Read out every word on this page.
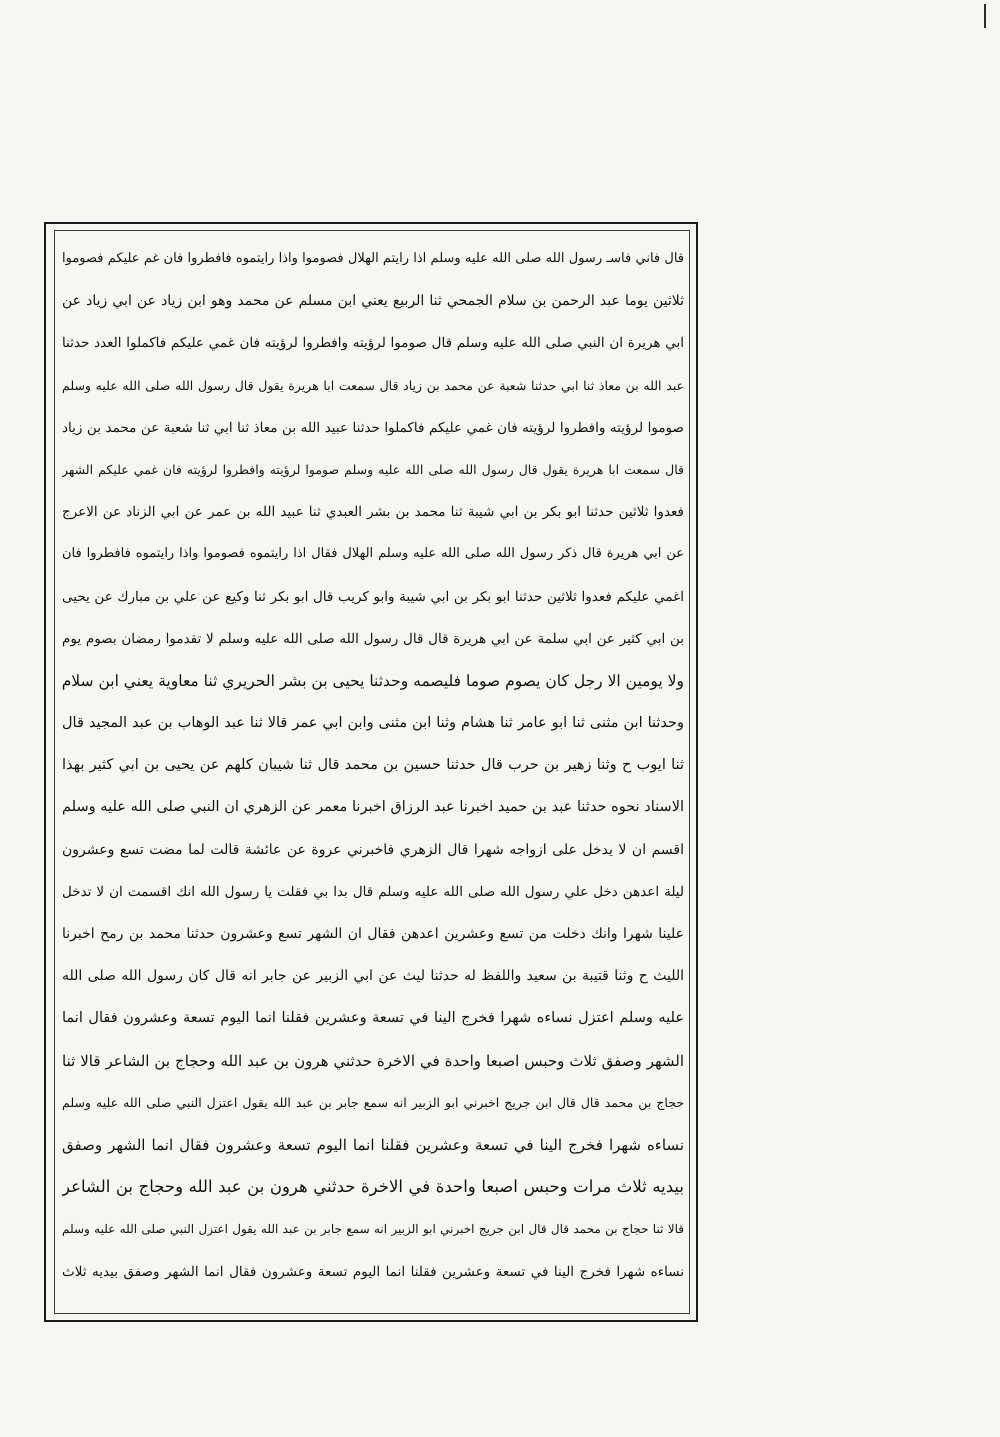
قال فاني فاسـ رسول الله صلى الله عليه وسلم اذا رايتم الهلال فصوموا واذا رايتموه فافطروا فان غم عليكم فصوموا
ثلاثين يوما عبد الرحمن بن سلام الجمحي ثنا الربيع يعني ابن مسلم عن محمد وهو ابن زياد عن ابي زياد عن
ابي هريرة ان النبي صلى الله عليه وسلم قال صوموا لرؤيته وافطروا لرؤيته فان غمي عليكم فاكملوا العدد حدثنا
عبد الله بن معاذ ثنا ابي حدثنا شعبة عن محمد بن زياد قال سمعت ابا هريرة يقول قال رسول الله صلى الله عليه وسلم
صوموا لرؤيته وافطروا لرؤيته فان غمي عليكم فاكملوا حدثنا عبيد الله بن معاذ ثنا ابي ثنا شعبة عن محمد بن زياد
قال سمعت ابا هريرة يقول قال رسول الله صلى الله عليه وسلم صوموا لرؤيته وافطروا لرؤيته فان غمي عليكم الشهر
فعدوا ثلاثين حدثنا ابو بكر بن ابي شيبة ثنا محمد بن بشر العبدي ثنا عبيد الله بن عمر عن ابي الزناد عن الاعرج
عن ابي هريرة قال ذكر رسول الله صلى الله عليه وسلم الهلال فقال اذا رايتموه فصوموا واذا رايتموه فافطروا فان
اغمي عليكم فعدوا ثلاثين حدثنا ابو بكر بن ابي شيبة وابو كريب قال ابو بكر ثنا وكيع عن علي بن مبارك عن يحيى
بن ابي كثير عن ابي سلمة عن ابي هريرة قال قال رسول الله صلى الله عليه وسلم لا تقدموا رمضان بصوم يوم
ولا يومين الا رجل كان يصوم صوما فليصمه وحدثنا يحيى بن بشر الحريري ثنا معاوية يعني ابن سلام
وحدثنا ابن مثنى ثنا ابو عامر ثنا هشام وثنا ابن مثنى وابن ابي عمر قالا ثنا عبد الوهاب بن عبد المجيد قال
ثنا ايوب ح وثنا زهير بن حرب قال حدثنا حسين بن محمد قال ثنا شيبان كلهم عن يحيى بن ابي كثير بهذا
الاسناد نحوه حدثنا عبد بن حميد اخبرنا عبد الرزاق اخبرنا معمر عن الزهري ان النبي صلى الله عليه وسلم
اقسم ان لا يدخل على ازواجه شهرا قال الزهري فاخبرني عروة عن عائشة قالت لما مضت تسع وعشرون
ليلة اعدهن دخل علي رسول الله صلى الله عليه وسلم قال بدا بي فقلت يا رسول الله انك اقسمت ان لا تدخل
علينا شهرا وانك دخلت من تسع وعشرين اعدهن فقال ان الشهر تسع وعشرون حدثنا محمد بن رمح اخبرنا
الليث ح وثنا قتيبة بن سعيد واللفظ له حدثنا ليث عن ابي الزبير عن جابر انه قال كان رسول الله صلى الله
عليه وسلم اعتزل نساءه شهرا فخرج الينا في تسعة وعشرين فقلنا انما اليوم تسعة وعشرون فقال انما
الشهر وصفق ثلاث وحبس اصبعا واحدة في الاخرة حدثني هرون بن عبد الله وحجاج بن الشاعر قالا ثنا
حجاج بن محمد قال قال ابن جريج اخبرني ابو الزبير انه سمع جابر بن عبد الله يقول اعتزل النبي صلى الله عليه وسلم
نساءه شهرا فخرج الينا في تسعة وعشرين فقلنا انما اليوم تسعة وعشرون فقال انما الشهر وصفق
بيديه ثلاث مرات وحبس اصبعا واحدة في الاخرة حدثني هرون بن عبد الله وحجاج بن الشاعر
قالا ثنا حجاج بن محمد قال قال ابن جريج اخبرني ابو الزبير انه سمع جابر بن عبد الله يقول اعتزل النبي صلى الله عليه وسلم
نساءه شهرا فخرج الينا في تسعة وعشرين فقلنا انما اليوم تسعة وعشرون فقال انما الشهر وصفق بيديه ثلاث
